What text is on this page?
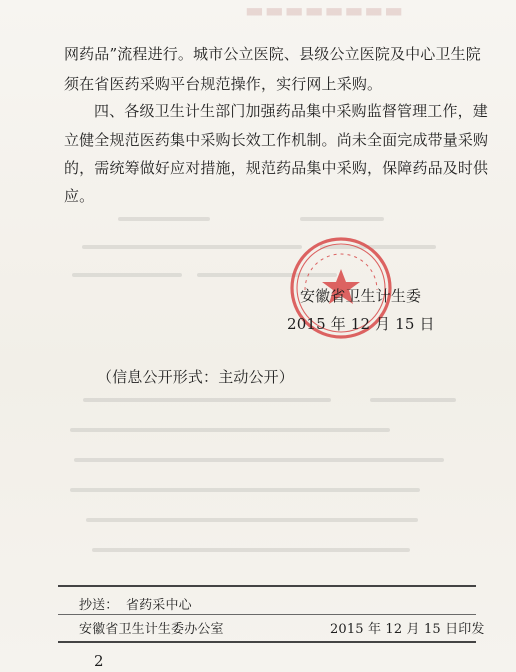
▬▬▬▬▬▬▬▬
网药品”流程进行。城市公立医院、县级公立医院及中心卫生院
须在省医药采购平台规范操作，实行网上采购。
四、各级卫生计生部门加强药品集中采购监督管理工作，建
立健全规范医药集中采购长效工作机制。尚未全面完成带量采购
的，需统筹做好应对措施，规范药品集中采购，保障药品及时供
应。
安徽省卫生计生委
2015 年 12 月 15 日
（信息公开形式：主动公开）
抄送： 省药采中心
安徽省卫生计生委办公室	2015 年 12 月 15 日印发
2
